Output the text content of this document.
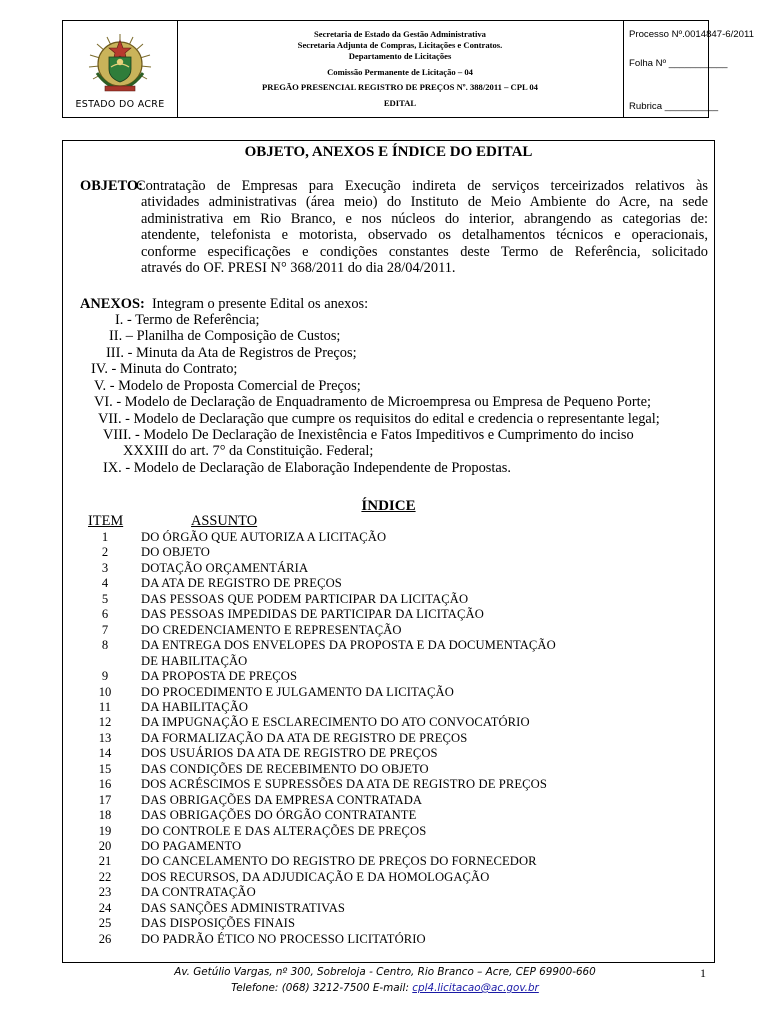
ESTADO DO ACRE
Secretaria de Estado da Gestão Administrativa
Secretaria Adjunta de Compras, Licitações e Contratos.
Departamento de Licitações
Comissão Permanente de Licitação – 04
PREGÃO PRESENCIAL REGISTRO DE PREÇOS Nº. 388/2011 – CPL 04
EDITAL
Processo Nº.0014847-6/2011
Folha Nº ___________
Rubrica __________
OBJETO, ANEXOS E ÍNDICE DO EDITAL
OBJETO:
Contratação de Empresas para Execução indireta de serviços terceirizados relativos às
atividades administrativas (área meio) do Instituto de Meio Ambiente do Acre, na sede
administrativa em Rio Branco, e nos núcleos do interior, abrangendo as categorias de:
atendente, telefonista e motorista, observado os detalhamentos técnicos e operacionais,
conforme especificações e condições constantes deste Termo de Referência, solicitado
através do OF. PRESI N° 368/2011 do dia 28/04/2011.
ANEXOS: Integram o presente Edital os anexos:
I. - Termo de Referência;
II. – Planilha de Composição de Custos;
III. - Minuta da Ata de Registros de Preços;
IV. - Minuta do Contrato;
V. - Modelo de Proposta Comercial de Preços;
VI. - Modelo de Declaração de Enquadramento de Microempresa ou Empresa de Pequeno Porte;
VII. - Modelo de Declaração que cumpre os requisitos do edital e credencia o representante legal;
VIII. - Modelo De Declaração de Inexistência e Fatos Impeditivos e Cumprimento do inciso
XXXIII do art. 7° da Constituição. Federal;
IX. - Modelo de Declaração de Elaboração Independente de Propostas.
ÍNDICE
ITEM	ASSUNTO
1	DO ÓRGÃO QUE AUTORIZA A LICITAÇÃO
2	DO OBJETO
3	DOTAÇÃO ORÇAMENTÁRIA
4	DA ATA DE REGISTRO DE PREÇOS
5	DAS PESSOAS QUE PODEM PARTICIPAR DA LICITAÇÃO
6	DAS PESSOAS IMPEDIDAS DE PARTICIPAR DA LICITAÇÃO
7	DO CREDENCIAMENTO E REPRESENTAÇÃO
8	DA ENTREGA DOS ENVELOPES DA PROPOSTA E DA DOCUMENTAÇÃO
DE HABILITAÇÃO
9	DA PROPOSTA DE PREÇOS
10	DO PROCEDIMENTO E JULGAMENTO DA LICITAÇÃO
11	DA HABILITAÇÃO
12	DA IMPUGNAÇÃO E ESCLARECIMENTO DO ATO CONVOCATÓRIO
13	DA FORMALIZAÇÃO DA ATA DE REGISTRO DE PREÇOS
14	DOS USUÁRIOS DA ATA DE REGISTRO DE PREÇOS
15	DAS CONDIÇÕES DE RECEBIMENTO DO OBJETO
16	DOS ACRÉSCIMOS E SUPRESSÕES DA ATA DE REGISTRO DE PREÇOS
17	DAS OBRIGAÇÕES DA EMPRESA CONTRATADA
18	DAS OBRIGAÇÕES DO ÓRGÃO CONTRATANTE
19	DO CONTROLE E DAS ALTERAÇÕES DE PREÇOS
20	DO PAGAMENTO
21	DO CANCELAMENTO DO REGISTRO DE PREÇOS DO FORNECEDOR
22	DOS RECURSOS, DA ADJUDICAÇÃO E DA HOMOLOGAÇÃO
23	DA CONTRATAÇÃO
24	DAS SANÇÕES ADMINISTRATIVAS
25	DAS DISPOSIÇÕES FINAIS
26	DO PADRÃO ÉTICO NO PROCESSO LICITATÓRIO
Av. Getúlio Vargas, nº 300, Sobreloja - Centro, Rio Branco – Acre, CEP 69900-660
Telefone: (068) 3212-7500 E-mail: cpl4.licitacao@ac.gov.br
1
